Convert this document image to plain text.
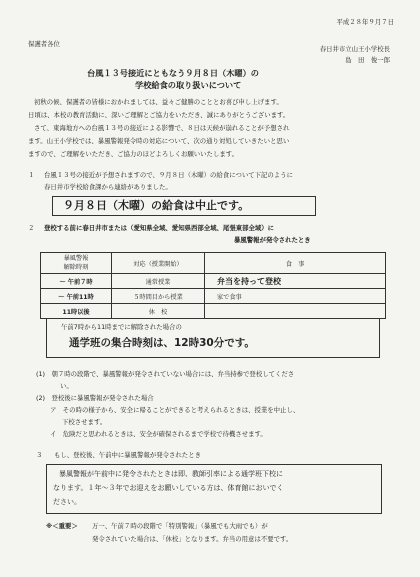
平成２８年９月７日
保護者各位
春日井市立山王小学校長
島　田　俊一郎
台風１３号接近にともなう９月８日（木曜）の
学校給食の取り扱いについて
初秋の候、保護者の皆様におかれましては、益々ご健勝のこととお喜び申し上げます。
日頃は、本校の教育活動に、深いご理解とご協力をいただき、誠にありがとうございます。
さて、東海地方への台風１３号の接近による影響で、８日は天候が崩れることが予想され
ます。山王小学校では、暴風警報発令時の対応について、次の通り対処していきたいと思い
ますので、ご理解をいただき、ご協力のほどよろしくお願いいたします。
１ 台風１３号の接近が予想されますので、９月８日（木曜）の給食について下記のように
春日井市学校給食課から連絡がありました。
９月８日（木曜）の給食は中止です。
２ 登校する前に春日井市または（愛知県全域、愛知県西部全域、尾張東部全域）に
暴風警報が発令されたとき
暴風警報
解除時刻	対応（授業開始）	食　事
～ 午前７時	通常授業	弁当を持って登校
～ 午前11時	５時間目から授業	家で食事
11時以後	休　校	
午前7時から11時までに解除された場合の
通学班の集合時刻は、12時30分です。
(1)　朝７時の段階で、暴風警報が発令されていない場合には、弁当持参で登校してくださ
い。
(2)　登校後に暴風警報が発令された場合
ア　その時の様子から、安全に帰ることができると考えられるときは、授業を中止し、
下校させます。
イ　危険だと思われるときは、安全が確保されるまで学校で待機させます。
３ もし、登校後、午前中に暴風警報が発令されたとき
暴風警報が午前中に発令されたときは即、教師引率による通学班下校に
なります。１年～３年でお迎えをお願いしている方は、体育館においでく
ださい。
※＜重要＞ 万一、午前７時の段階で「特別警報」（暴風でも大雨でも）が
発令されていた場合は、「休校」となります。弁当の用意は不要です。
